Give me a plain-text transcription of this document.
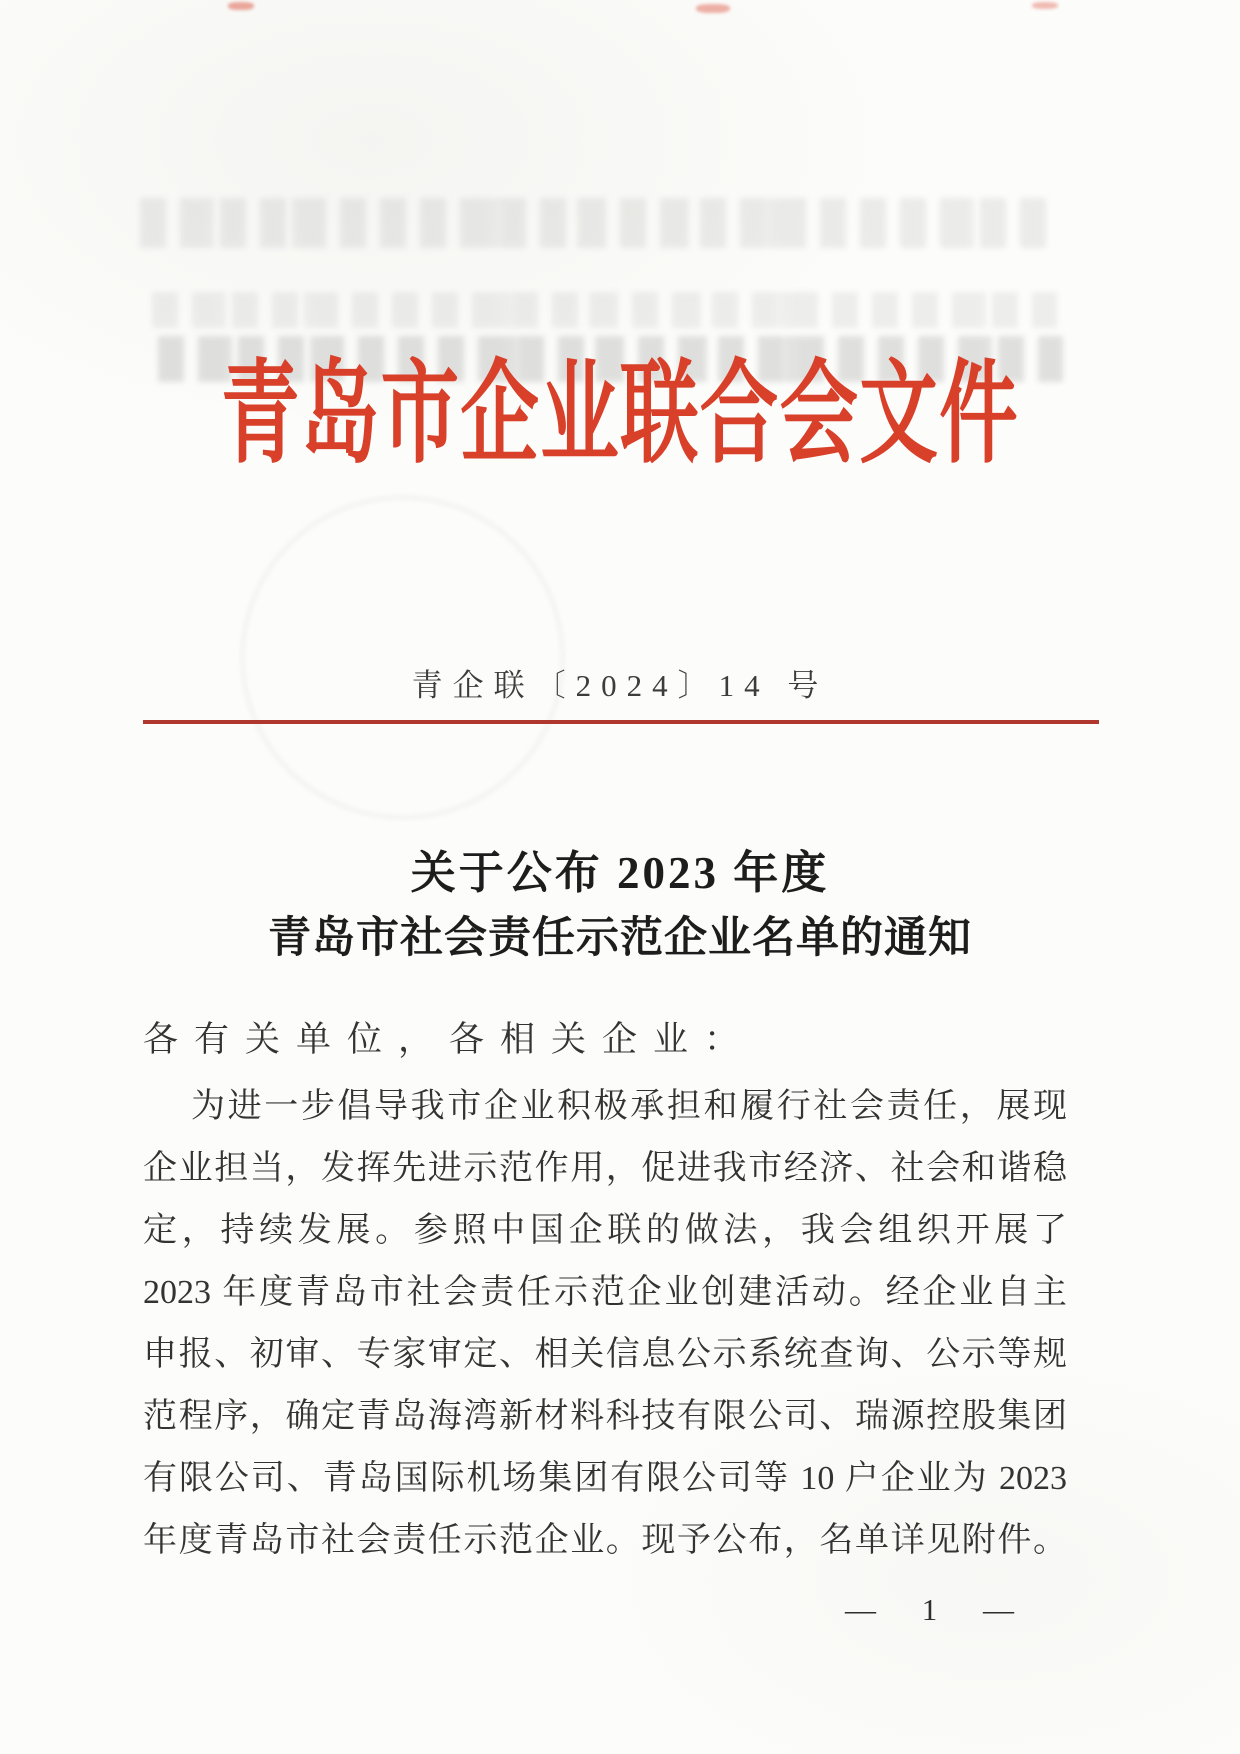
青岛市企业联合会文件
青企联〔2024〕14 号
关于公布 2023 年度
青岛市社会责任示范企业名单的通知
各有关单位，各相关企业：
为进一步倡导我市企业积极承担和履行社会责任，展现
企业担当，发挥先进示范作用，促进我市经济、社会和谐稳
定，持续发展。参照中国企联的做法，我会组织开展了
2023 年度青岛市社会责任示范企业创建活动。经企业自主
申报、初审、专家审定、相关信息公示系统查询、公示等规
范程序，确定青岛海湾新材料科技有限公司、瑞源控股集团
有限公司、青岛国际机场集团有限公司等 10 户企业为 2023
年度青岛市社会责任示范企业。现予公布，名单详见附件。
— 1 —
